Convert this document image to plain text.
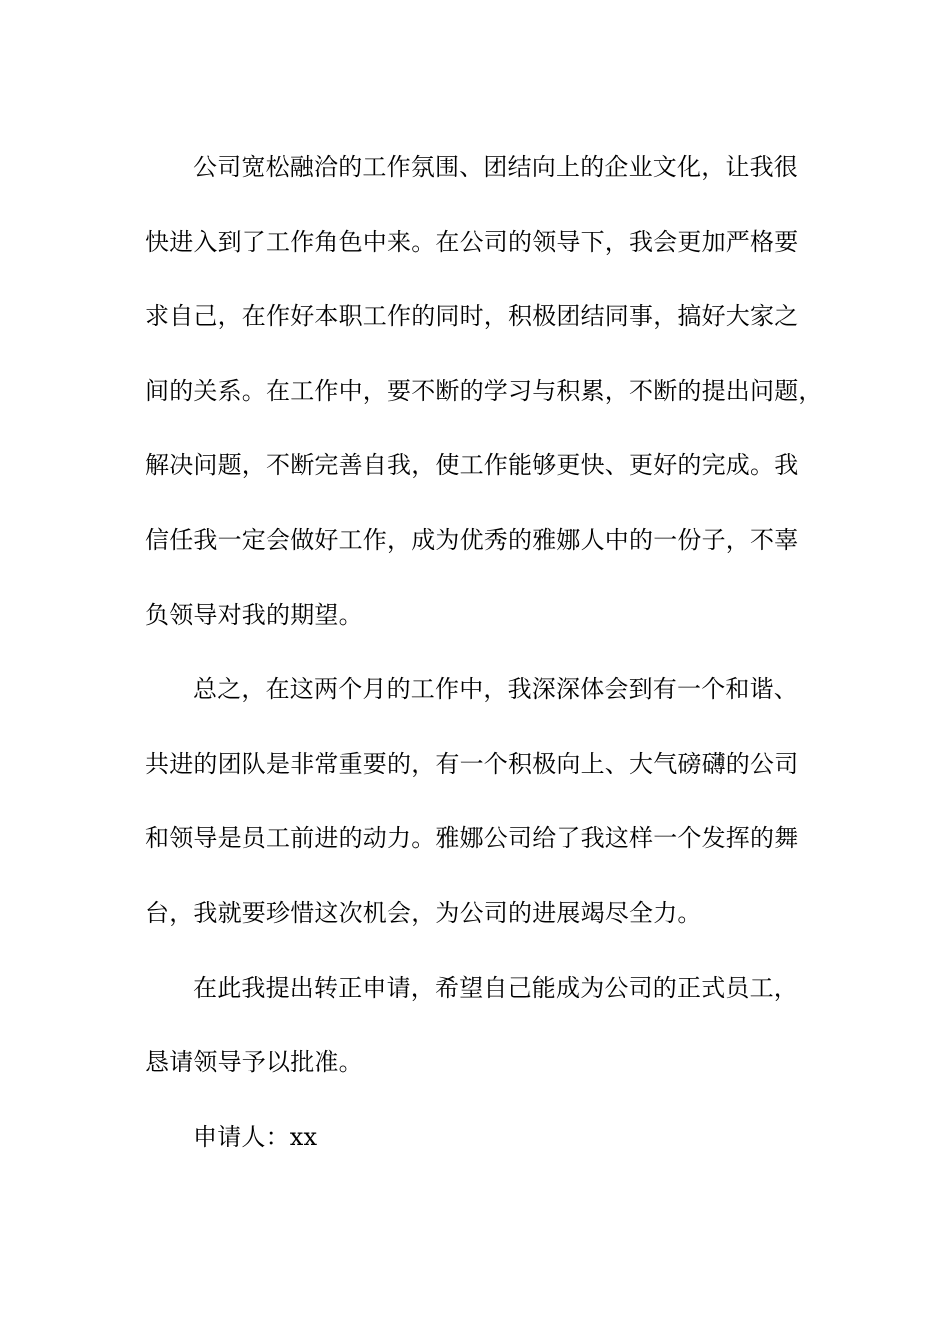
公司宽松融洽的工作氛围、团结向上的企业文化，让我很
快进入到了工作角色中来。在公司的领导下，我会更加严格要
求自己，在作好本职工作的同时，积极团结同事，搞好大家之
间的关系。在工作中，要不断的学习与积累，不断的提出问题，
解决问题，不断完善自我，使工作能够更快、更好的完成。我
信任我一定会做好工作，成为优秀的雅娜人中的一份子，不辜
负领导对我的期望。
总之，在这两个月的工作中，我深深体会到有一个和谐、
共进的团队是非常重要的，有一个积极向上、大气磅礴的公司
和领导是员工前进的动力。雅娜公司给了我这样一个发挥的舞
台，我就要珍惜这次机会，为公司的进展竭尽全力。
在此我提出转正申请，希望自己能成为公司的正式员工，
恳请领导予以批准。
申请人：xx
